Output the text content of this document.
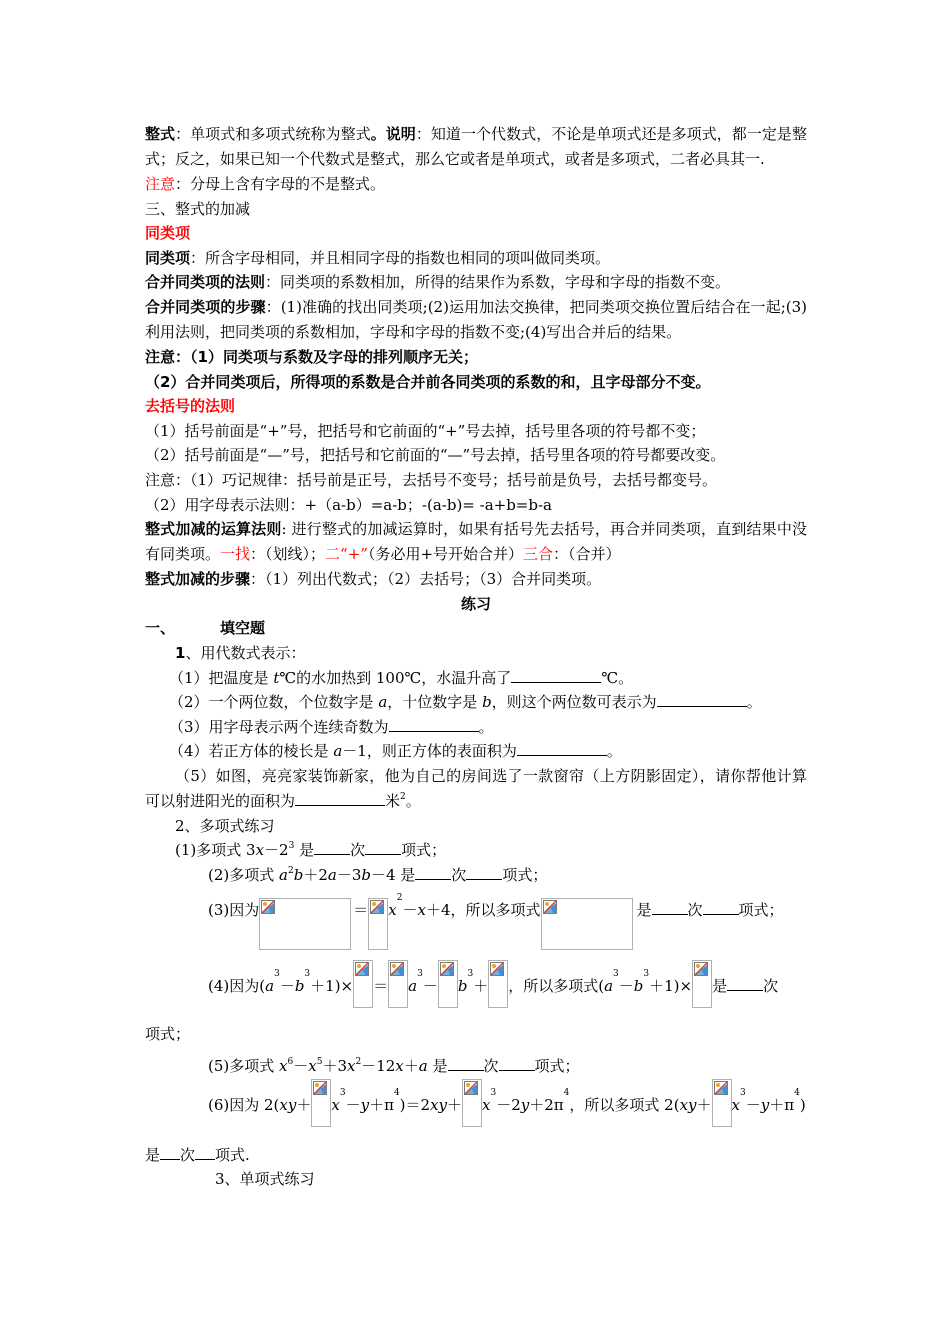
整式：单项式和多项式统称为整式。说明：知道一个代数式，不论是单项式还是多项式，都一定是整式；反之，如果已知一个代数式是整式，那么它或者是单项式，或者是多项式，二者必具其一.
注意：分母上含有字母的不是整式。
三、整式的加减
同类项
同类项：所含字母相同，并且相同字母的指数也相同的项叫做同类项。
合并同类项的法则：同类项的系数相加，所得的结果作为系数，字母和字母的指数不变。
合并同类项的步骤：(1)准确的找出同类项;(2)运用加法交换律，把同类项交换位置后结合在一起;(3)利用法则，把同类项的系数相加，字母和字母的指数不变;(4)写出合并后的结果。
注意：（1）同类项与系数及字母的排列顺序无关；
（2）合并同类项后，所得项的系数是合并前各同类项的系数的和，且字母部分不变。
去括号的法则
（1）括号前面是“+”号，把括号和它前面的“+”号去掉，括号里各项的符号都不变；
（2）括号前面是“—”号，把括号和它前面的“—”号去掉，括号里各项的符号都要改变。
注意：（1）巧记规律：括号前是正号，去括号不变号；括号前是负号，去括号都变号。
（2）用字母表示法则：+（a-b）=a-b；-(a-b)= -a+b=b-a
整式加减的运算法则: 进行整式的加减运算时，如果有括号先去括号，再合并同类项，直到结果中没有同类项。一找：（划线）；二“+”（务必用+号开始合并）三合：（合并）
整式加减的步骤：（1）列出代数式；（2）去括号；（3）合并同类项。
练习
一、	填空题
1、用代数式表示：
（1）把温度是 t℃的水加热到 100℃，水温升高了	℃。
（2）一个两位数，个位数字是 a，十位数字是 b，则这个两位数可表示为	。
（3）用字母表示两个连续奇数为	。
（4）若正方体的棱长是 a－1，则正方体的表面积为	。
（5）如图，亮亮家装饰新家，他为自己的房间选了一款窗帘（上方阴影固定），请你帮他计算可以射进阳光的面积为	米$^2$。
2、多项式练习
(1)多项式 $3x-2^3$ 是 次 项式；
(2)多项式 $a^2b+2a-3b-4$ 是 次 项式；
(3)因为	＝ x
2
－ x ＋4，所以多项式	是 次 项式；
(4)因为( a
3
－ b
3
＋1)× ＝ a
3
－ b
3
＋ ，所以多项式( a
3
－ b
3
＋1)× 是 次
项式；
(5)多项式 $x^6-x^5+3x^2-12x+a$ 是 次 项式；
(6)因为 2( xy ＋ x
3
－ y ＋π
4
)＝2 xy ＋ x
3
－2 y ＋2π
4
，所以多项式 2( xy ＋ x
3
－ y ＋π
4
)
是 次 项式.
3、单项式练习
